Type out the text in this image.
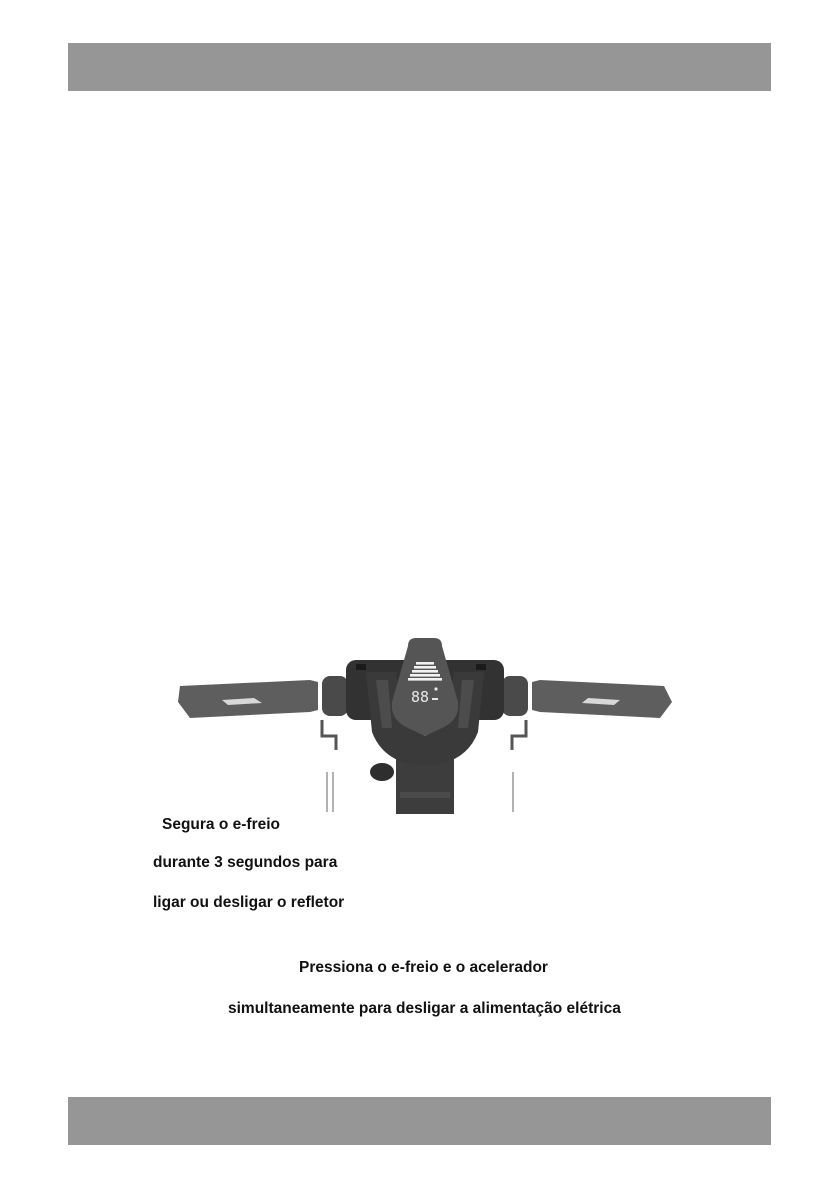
88
Segura o e-freio
durante 3 segundos para
ligar ou desligar o refletor
Pressiona o e-freio e o acelerador
simultaneamente para desligar a alimentação elétrica
